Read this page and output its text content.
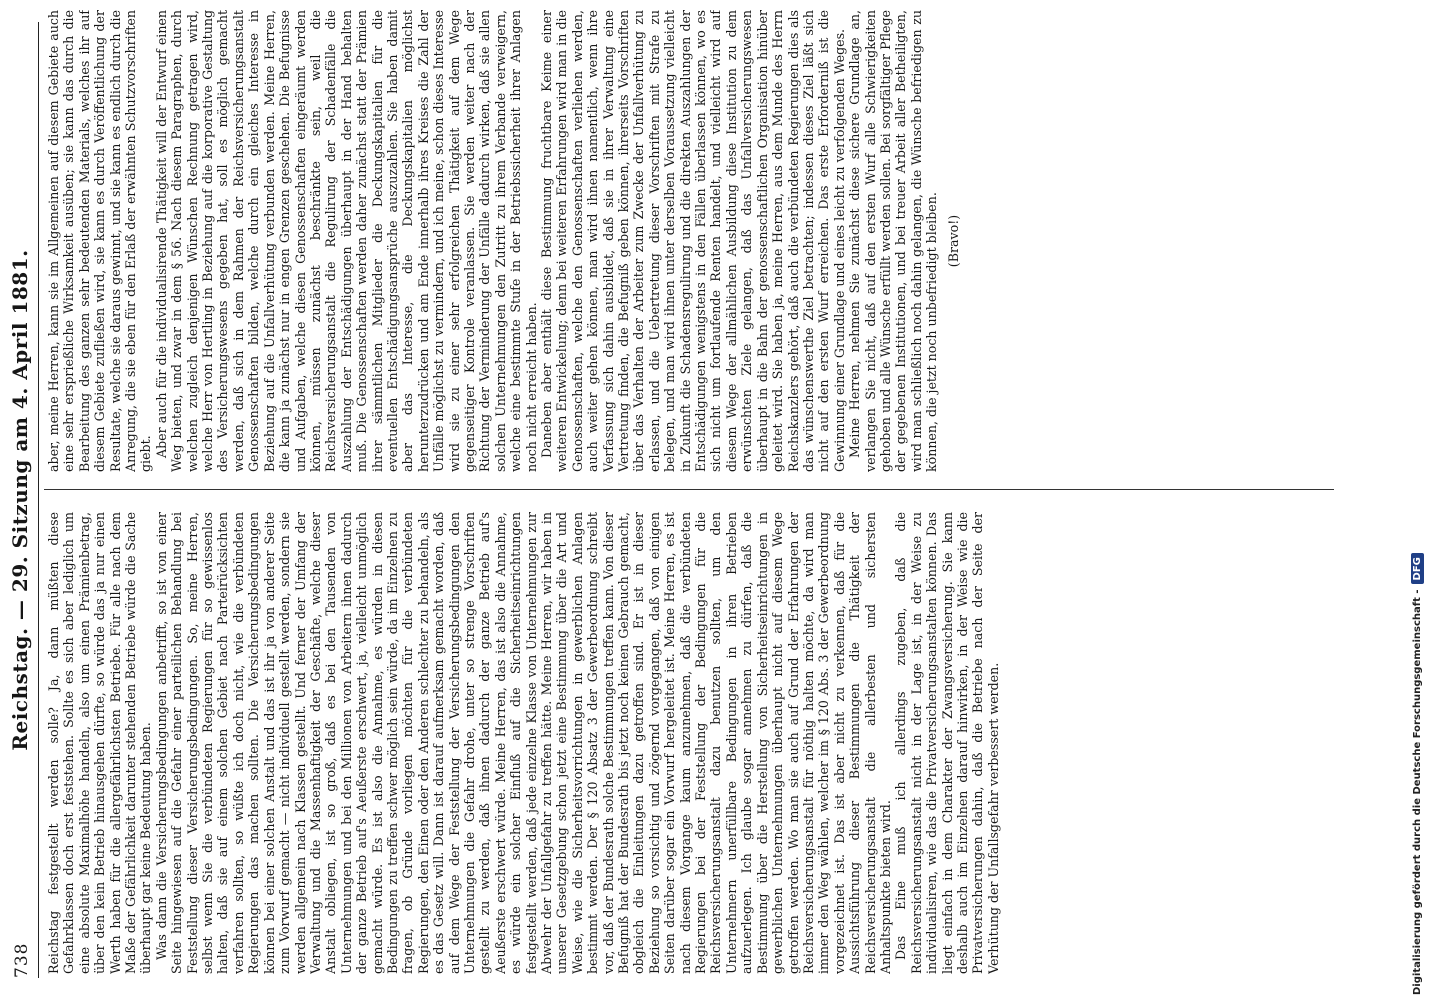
738
Reichstag. — 29. Sitzung am 4. April 1881. Reichstag festgestellt werden solle? Ja, dann müßten diese Gefahrklassen doch erst feststehen. Sollte es sich aber lediglich um eine absolute Maximalhöhe handeln, also um einen Prämienbetrag, über den kein Betrieb hinausgehen dürfte, so würde das ja nur einen Werth haben für die allergefährlichsten Betriebe. Für alle nach dem Maße der Gefährlichkeit darunter stehenden Betriebe würde die Sache überhaupt gar keine Bedeutung haben. Was dann die Versicherungsbedingungen anbetrifft, so ist von einer Seite hingewiesen auf die Gefahr einer parteilichen Behandlung bei Feststellung dieser Versicherungsbedingungen. So, meine Herren, selbst wenn Sie die verbündeten Regierungen für so gewissenlos halten, daß sie auf einem solchen Gebiet nach Parteirücksichten verfahren sollten, so wüßte ich doch nicht, wie die verbündeten Regierungen das machen sollten. Die Versicherungsbedingungen können bei einer solchen Anstalt und das ist ihr ja von anderer Seite zum Vorwurf gemacht — nicht individuell gestellt werden, sondern sie werden allgemein nach Klassen gestellt. Und ferner der Umfang der Verwaltung und die Massenhaftigkeit der Geschäfte, welche dieser Anstalt obliegen, ist so groß, daß es bei den Tausenden von Unternehmungen und bei den Millionen von Arbeitern ihnen dadurch der ganze Betrieb auf's Aeußerste erschwert, ja, vielleicht unmöglich gemacht würde. Es ist also die Annahme, es würden in diesen Bedingungen zu treffen schwer möglich sein würde, da im Einzelnen zu fragen, ob Gründe vorliegen möchten für die verbündeten Regierungen, den Einen oder den Anderen schlechter zu behandeln, als es das Gesetz will. Dann ist darauf aufmerksam gemacht worden, daß auf dem Wege der Feststellung der Versicherungsbedingungen den Unternehmungen die Gefahr drohe, unter so strenge Vorschriften gestellt zu werden, daß ihnen dadurch der ganze Betrieb auf's Aeußerste erschwert würde. Meine Herren, das ist also die Annahme, es würde ein solcher Einfluß auf die Sicherheitseinrichtungen festgestellt werden, daß jede einzelne Klasse von Unternehmungen zur Abwehr der Unfallgefahr zu treffen hätte. Meine Herren, wir haben in unserer Gesetzgebung schon jetzt eine Bestimmung über die Art und Weise, wie die Sicherheitsvorrichtungen in gewerblichen Anlagen bestimmt werden. Der § 120 Absatz 3 der Gewerbeordnung schreibt vor, daß der Bundesrath solche Bestimmungen treffen kann. Von dieser Befugniß hat der Bundesrath bis jetzt noch keinen Gebrauch gemacht, obgleich die Einleitungen dazu getroffen sind. Er ist in dieser Beziehung so vorsichtig und zögernd vorgegangen, daß von einigen Seiten darüber sogar ein Vorwurf hergeleitet ist. Meine Herren, es ist nach diesem Vorgange kaum anzunehmen, daß die verbündeten Regierungen bei der Feststellung der Bedingungen für die Reichsversicherungsanstalt dazu benutzen sollten, um den Unternehmern unerfüllbare Bedingungen in ihren Betrieben aufzuerlegen. Ich glaube sogar annehmen zu dürfen, daß die Bestimmung über die Herstellung von Sicherheitseinrichtungen in gewerblichen Unternehmungen überhaupt nicht auf diesem Wege getroffen werden. Wo man sie auch auf Grund der Erfahrungen der Reichsversicherungsanstalt für nöthig halten möchte, da wird man immer den Weg wählen, welcher im § 120 Abs. 3 der Gewerbeordnung vorgezeichnet ist. Das ist aber nicht zu verkennen, daß für die Aussichtsführung dieser Bestimmungen die Thätigkeit der Reichsversicherungsanstalt die allerbesten und sichersten Anhaltspunkte bieten wird. Das Eine muß ich allerdings zugeben, daß die Reichsversicherungsanstalt nicht in der Lage ist, in der Weise zu individualisiren, wie das die Privatversicherungsanstalten können. Das liegt einfach in dem Charakter der Zwangsversicherung. Sie kann deshalb auch im Einzelnen darauf hinwirken, in der Weise wie die Privatversicherungen dahin, daß die Betriebe nach der Seite der Verhütung der Unfallsgefahr verbessert werden.

aber, meine Herren, kann sie im Allgemeinen auf diesem Gebiete auch eine sehr ersprießliche Wirksamkeit ausüben; sie kann das durch die Bearbeitung des ganzen sehr bedeutenden Materials, welches ihr auf diesem Gebiete zufließen wird, sie kann es durch Veröffentlichung der Resultate, welche sie daraus gewinnt, und sie kann es endlich durch die Anregung, die sie eben für den Erlaß der erwähnten Schutzvorschriften giebt. Aber auch für die individualisirende Thätigkeit will der Entwurf einen Weg bieten, und zwar in dem § 56. Nach diesem Paragraphen, durch welchen zugleich denjenigen Wünschen Rechnung getragen wird, welche Herr von Hertling in Beziehung auf die korporative Gestaltung des Versicherungswesens gegeben hat, soll es möglich gemacht werden, daß sich in dem Rahmen der Reichsversicherungsanstalt Genossenschaften bilden, welche durch ein gleiches Interesse in Beziehung auf die Unfallverhütung verbunden werden. Meine Herren, die kann ja zunächst nur in engen Grenzen geschehen. Die Befugnisse und Aufgaben, welche diesen Genossenschaften eingeräumt werden können, müssen zunächst beschränkte sein, weil die Reichsversicherungsanstalt die Regulirung der Schadenfälle die Auszahlung der Entschädigungen überhaupt in der Hand behalten muß. Die Genossenschaften werden daher zunächst statt der Prämien ihrer sämmtlichen Mitglieder die Deckungskapitalien für die eventuellen Entschädigungsansprüche auszuzahlen. Sie haben damit aber das Interesse, die Deckungskapitalien möglichst herunterzudrücken und am Ende innerhalb ihres Kreises die Zahl der Unfälle möglichst zu vermindern, und ich meine, schon dieses Interesse wird sie zu einer sehr erfolgreichen Thätigkeit auf dem Wege gegenseitiger Kontrole veranlassen. Sie werden weiter nach der Richtung der Verminderung der Unfälle dadurch wirken, daß sie allen solchen Unternehmungen den Zutritt zu ihrem Verbande verweigern, welche eine bestimmte Stufe in der Betriebssicherheit ihrer Anlagen noch nicht erreicht haben. Daneben aber enthält diese Bestimmung fruchtbare Keime einer weiteren Entwickelung; denn bei weiteren Erfahrungen wird man in die Genossenschaften, welche den Genossenschaften verliehen werden, auch weiter gehen können, man wird ihnen namentlich, wenn ihre Verfassung sich dahin ausbildet, daß sie in ihrer Verwaltung eine Vertretung finden, die Befugniß geben können, ihrerseits Vorschriften über das Verhalten der Arbeiter zum Zwecke der Unfallverhütung zu erlassen, und die Uebertretung dieser Vorschriften mit Strafe zu belegen, und man wird ihnen unter derselben Voraussetzung vielleicht in Zukunft die Schadensregulirung und die direkten Auszahlungen der Entschädigungen wenigstens in den Fällen überlassen können, wo es sich nicht um fortlaufende Renten handelt, und vielleicht wird auf diesem Wege der allmählichen Ausbildung diese Institution zu dem erwünschten Ziele gelangen, daß das Unfallversicherungswesen überhaupt in die Bahn der genossenschaftlichen Organisation hinüber geleitet wird. Sie haben ja, meine Herren, aus dem Munde des Herrn Reichskanzlers gehört, daß auch die verbündeten Regierungen dies als das wünschenswerthe Ziel betrachten; indessen dieses Ziel läßt sich nicht auf den ersten Wurf erreichen. Das erste Erforderniß ist die Gewinnung einer Grundlage und eines leicht zu verfolgenden Weges. Meine Herren, nehmen Sie zunächst diese sichere Grundlage an, verlangen Sie nicht, daß auf den ersten Wurf alle Schwierigkeiten gehoben und alle Wünsche erfüllt werden sollen. Bei sorgfältiger Pflege der gegebenen Institutionen, und bei treuer Arbeit aller Betheiligten, wird man schließlich noch dahin gelangen, die Wünsche befriedigen zu können, die jetzt noch unbefriedigt bleiben. (Bravo!)
Digitalisierung gefördert durch die Deutsche Forschungsgemeinschaft -DFG
